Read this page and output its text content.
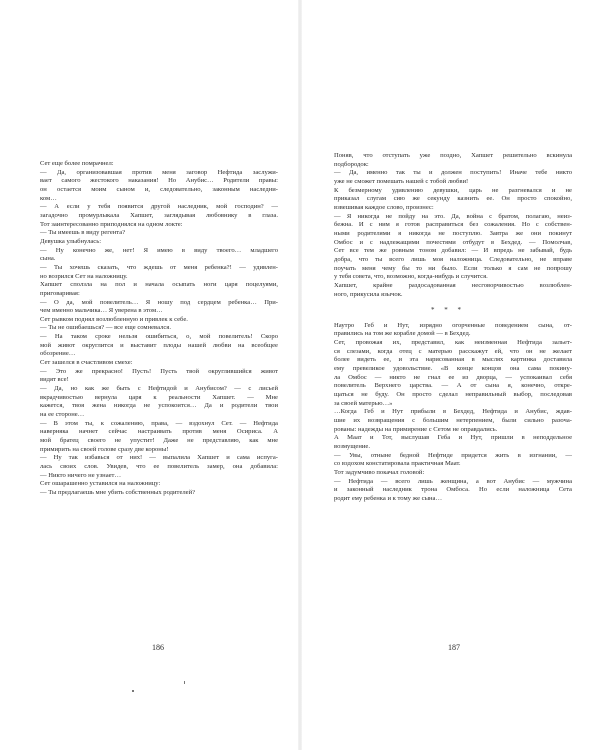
Сет еще более помрачнел:

— Да, организовавшая против меня заговор Нефтида заслужи-

вает самого жестокого наказания! Но Анубис… Родители правы:

он остается моим сыном и, следовательно, законным наследни-

ком…

— А если у тебя появится другой наследник, мой господин? —

загадочно промурлыкала Хапшет, заглядывая любовнику в глаза.

Тот заинтересованно приподнялся на одном локте:

— Ты имеешь в виду регента?

Девушка улыбнулась:

— Ну конечно же, нет! Я имею в виду твоего… младшего

сына.

— Ты хочешь сказать, что ждешь от меня ребенка?! — удивлен-

но возрился Сет на наложницу.

Хапшет сползла на пол и начала осыпать ноги царя поцелуями,

приговаривая:

— О да, мой повелитель… Я ношу под сердцем ребенка… При-

чем именно мальчика… Я уверена в этом…

Сет рывком поднял возлюбленную и привлек к себе.

— Ты не ошибаешься? — все еще сомневался.

— На таком сроке нельзя ошибиться, о, мой повелитель! Скоро

мой живот округлится и выставит плоды нашей любви на всеобщее

обозрение…

Сет зашелся в счастливом смехе:

— Это же прекрасно! Пусть! Пусть твой округлившийся живот

видят все!

— Да, но как же быть с Нефтидой и Анубисом? — с лисьей

вкрадчивостью вернула царя к реальности Хапшет. — Мне

кажется, твоя жена никогда не успокоится… Да и родители твои

на ее стороне…

— В этом ты, к сожалению, права, — вздохнул Сет. — Нефтида

наверняка начнет сейчас настраивать против меня Осириса. А

мой братец своего не упустит! Даже не представляю, как мне

примирить на своей голове сразу две короны!

— Ну так избавься от них! — выпалила Хапшет и сама испуга-

лась своих слов. Увидев, что ее повелитель замер, она добавила:

— Никто ничего не узнает…

Сет ошарашенно уставился на наложницу:

— Ты предлагаешь мне убить собственных родителей?

186

Поняв, что отступать уже поздно, Хапшет решительно вскинула

подбородок:

— Да, именно так ты и должен поступить! Иначе тебе никто

уже не сможет помешать нашей с тобой любви!

К безмерному удивлению девушки, царь не разгневался и не

приказал слугам сию же секунду казнить ее. Он просто спокойно,

взвешивая каждое слово, произнес:

— Я никогда не пойду на это. Да, война с братом, полагаю, неиз-

бежна. И с ним я готов расправиться без сожаления. Но с собствен-

ными родителями я никогда не поступлю. Завтра же они покинут

Омбос и с надлежащими почестями отбудут в Бехдед. — Помолчав,

Сет все тем же ровным тоном добавил: — И впредь не забывай, будь

добра, что ты всего лишь моя наложница. Следовательно, не вправе

поучать меня чему бы то ни было. Если только я сам не попрошу

у тебя совета, что, возможно, когда-нибудь и случится.

Хапшет, крайне раздосадованная несговорчивостью возлюблен-

ного, прикусила язычок.

* * *

Наутро Геб и Нут, изрядно огорченные поведением сына, от-

правились на том же корабле домой — в Бехдед.

Сет, провожая их, представил, как неизменная Нефтида зальет-

ся слезами, когда отец с матерью расскажут ей, что он не желает

более видеть ее, и эта нарисованная в мыслях картинка доставила

ему превеликое удовольствие. «В конце концов она сама покину-

ла Омбос — никто не гнал ее из дворца, — успокаивал себя

повелитель Верхнего царства. — А от сына я, конечно, откре-

щаться не буду. Он просто сделал неправильный выбор, последовав

за своей матерью…»

…Когда Геб и Нут прибыли в Бехдед, Нефтида и Анубис, ждав-

шие их возвращения с большим нетерпением, были сильно разоча-

рованы: надежды на примирение с Сетом не оправдались.

А Маат и Тот, выслушав Геба и Нут, пришли в неподдельное

возмущение.

— Увы, отныне бедной Нефтиде придется жить в изгнании, —

со вздохом констатировала практичная Маат.

Тот задумчиво покачал головой:

— Нефтида — всего лишь женщина, а вот Анубис — мужчина

и законный наследник трона Омбоса. Но если наложница Сета

родит ему ребенка и к тому же сына…

187
